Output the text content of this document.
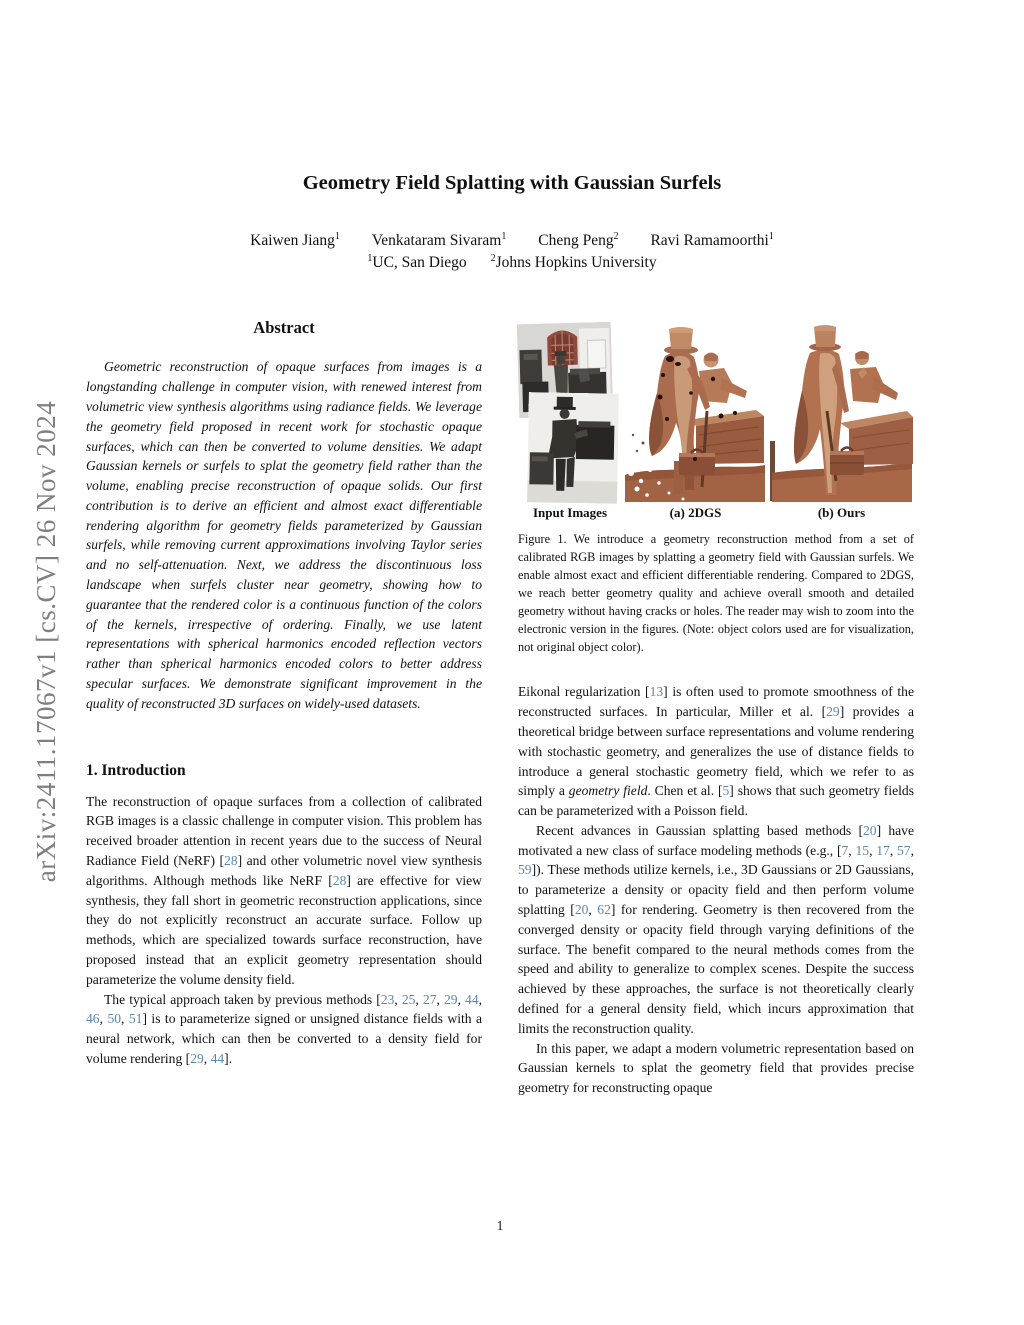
arXiv:2411.17067v1 [cs.CV] 26 Nov 2024
Geometry Field Splatting with Gaussian Surfels
Kaiwen Jiang$^1$ Venkataram Sivaram$^1$ Cheng Peng$^2$ Ravi Ramamoorthi$^1$
$^1$UC, San Diego $^2$Johns Hopkins University
Abstract
Geometric reconstruction of opaque surfaces from images is a longstanding challenge in computer vision, with renewed interest from volumetric view synthesis algorithms using radiance fields. We leverage the geometry field proposed in recent work for stochastic opaque surfaces, which can then be converted to volume densities. We adapt Gaussian kernels or surfels to splat the geometry field rather than the volume, enabling precise reconstruction of opaque solids. Our first contribution is to derive an efficient and almost exact differentiable rendering algorithm for geometry fields parameterized by Gaussian surfels, while removing current approximations involving Taylor series and no self-attenuation. Next, we address the discontinuous loss landscape when surfels cluster near geometry, showing how to guarantee that the rendered color is a continuous function of the colors of the kernels, irrespective of ordering. Finally, we use latent representations with spherical harmonics encoded reflection vectors rather than spherical harmonics encoded colors to better address specular surfaces. We demonstrate significant improvement in the quality of reconstructed 3D surfaces on widely-used datasets.
1. Introduction
The reconstruction of opaque surfaces from a collection of calibrated RGB images is a classic challenge in computer vision. This problem has received broader attention in recent years due to the success of Neural Radiance Field (NeRF) [28] and other volumetric novel view synthesis algorithms. Although methods like NeRF [28] are effective for view synthesis, they fall short in geometric reconstruction applications, since they do not explicitly reconstruct an accurate surface. Follow up methods, which are specialized towards surface reconstruction, have proposed instead that an explicit geometry representation should parameterize the volume density field.
The typical approach taken by previous methods [23, 25, 27, 29, 44, 46, 50, 51] is to parameterize signed or unsigned distance fields with a neural network, which can then be converted to a density field for volume rendering [29, 44].
Input Images	(a) 2DGS	(b) Ours
Figure 1. We introduce a geometry reconstruction method from a set of calibrated RGB images by splatting a geometry field with Gaussian surfels. We enable almost exact and efficient differentiable rendering. Compared to 2DGS, we reach better geometry quality and achieve overall smooth and detailed geometry without having cracks or holes. The reader may wish to zoom into the electronic version in the figures. (Note: object colors used are for visualization, not original object color).
Eikonal regularization [13] is often used to promote smoothness of the reconstructed surfaces. In particular, Miller et al. [29] provides a theoretical bridge between surface representations and volume rendering with stochastic geometry, and generalizes the use of distance fields to introduce a general stochastic geometry field, which we refer to as simply a geometry field. Chen et al. [5] shows that such geometry fields can be parameterized with a Poisson field.
Recent advances in Gaussian splatting based methods [20] have motivated a new class of surface modeling methods (e.g., [7, 15, 17, 57, 59]). These methods utilize kernels, i.e., 3D Gaussians or 2D Gaussians, to parameterize a density or opacity field and then perform volume splatting [20, 62] for rendering. Geometry is then recovered from the converged density or opacity field through varying definitions of the surface. The benefit compared to the neural methods comes from the speed and ability to generalize to complex scenes. Despite the success achieved by these approaches, the surface is not theoretically clearly defined for a general density field, which incurs approximation that limits the reconstruction quality.
In this paper, we adapt a modern volumetric representation based on Gaussian kernels to splat the geometry field that provides precise geometry for reconstructing opaque
1
